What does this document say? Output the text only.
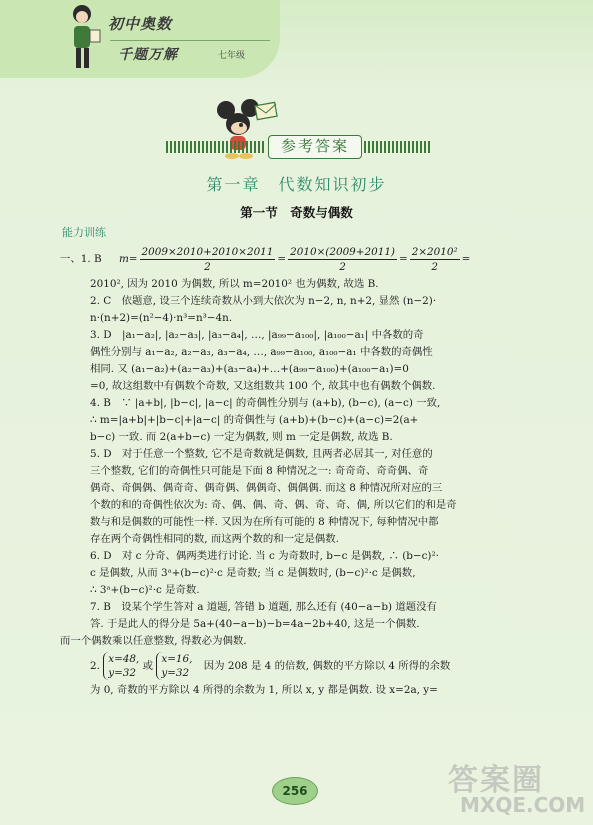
初中奥数
千题万解	七年级
参考答案
第一章　代数知识初步
第一节　奇数与偶数
能力训练
一、1. B $m= \frac{2009\times 2010+2010\times 2011}{2} = \frac{2010\times(2009+2011)}{2} = \frac{\text{2×2010²}}{2}$ =
2010², 因为 2010 为偶数, 所以 m=2010² 也为偶数, 故选 B.
2. C　依题意, 设三个连续奇数从小到大依次为 n−2, n, n+2, 显然 (n−2)·
n·(n+2)=(n²−4)·n³=n³−4n.
3. D　|a₁−a₂|, |a₂−a₃|, |a₃−a₄|, …, |a₉₉−a₁₀₀|, |a₁₀₀−a₁| 中各数的奇
偶性分别与 a₁−a₂, a₂−a₃, a₃−a₄, …, a₉₉−a₁₀₀, a₁₀₀−a₁ 中各数的奇偶性
相同. 又 (a₁−a₂)+(a₂−a₃)+(a₃−a₄)+…+(a₉₉−a₁₀₀)+(a₁₀₀−a₁)=0
=0, 故这组数中有偶数个奇数, 又这组数共 100 个, 故其中也有偶数个偶数.
4. B　∵ |a+b|, |b−c|, |a−c| 的奇偶性分别与 (a+b), (b−c), (a−c) 一致,
∴ m=|a+b|+|b−c|+|a−c| 的奇偶性与 (a+b)+(b−c)+(a−c)=2(a+
b−c) 一致. 而 2(a+b−c) 一定为偶数, 则 m 一定是偶数, 故选 B.
5. D　对于任意一个整数, 它不是奇数就是偶数, 且两者必居其一, 对任意的
三个整数, 它们的奇偶性只可能是下面 8 种情况之一: 奇奇奇、奇奇偶、奇
偶奇、奇偶偶、偶奇奇、偶奇偶、偶偶奇、偶偶偶. 而这 8 种情况所对应的三
个数的和的奇偶性依次为: 奇、偶、偶、奇、偶、奇、奇、偶, 所以它们的和是奇
数与和是偶数的可能性一样. 又因为在所有可能的 8 种情况下, 每种情况中都
存在两个奇偶性相同的数, 而这两个数的和一定是偶数.
6. D　对 c 分奇、偶两类进行讨论. 当 c 为奇数时, b−c 是偶数, ∴ (b−c)²·
c 是偶数, 从而 3ᵃ+(b−c)²·c 是奇数; 当 c 是偶数时, (b−c)²·c 是偶数,
∴ 3ᵃ+(b−c)²·c 是奇数.
7. B　设某个学生答对 a 道题, 答错 b 道题, 那么还有 (40−a−b) 道题没有
答. 于是此人的得分是 5a+(40−a−b)−b=4a−2b+40, 这是一个偶数.
而一个偶数乘以任意整数, 得数必为偶数.
2.
x=48,
y=32
或
x=16,
y=32
因为 208 是 4 的倍数, 偶数的平方除以 4 所得的余数
为 0, 奇数的平方除以 4 所得的余数为 1, 所以 x, y 都是偶数. 设 x=2a, y=
256	答案圈
MXQE.COM
